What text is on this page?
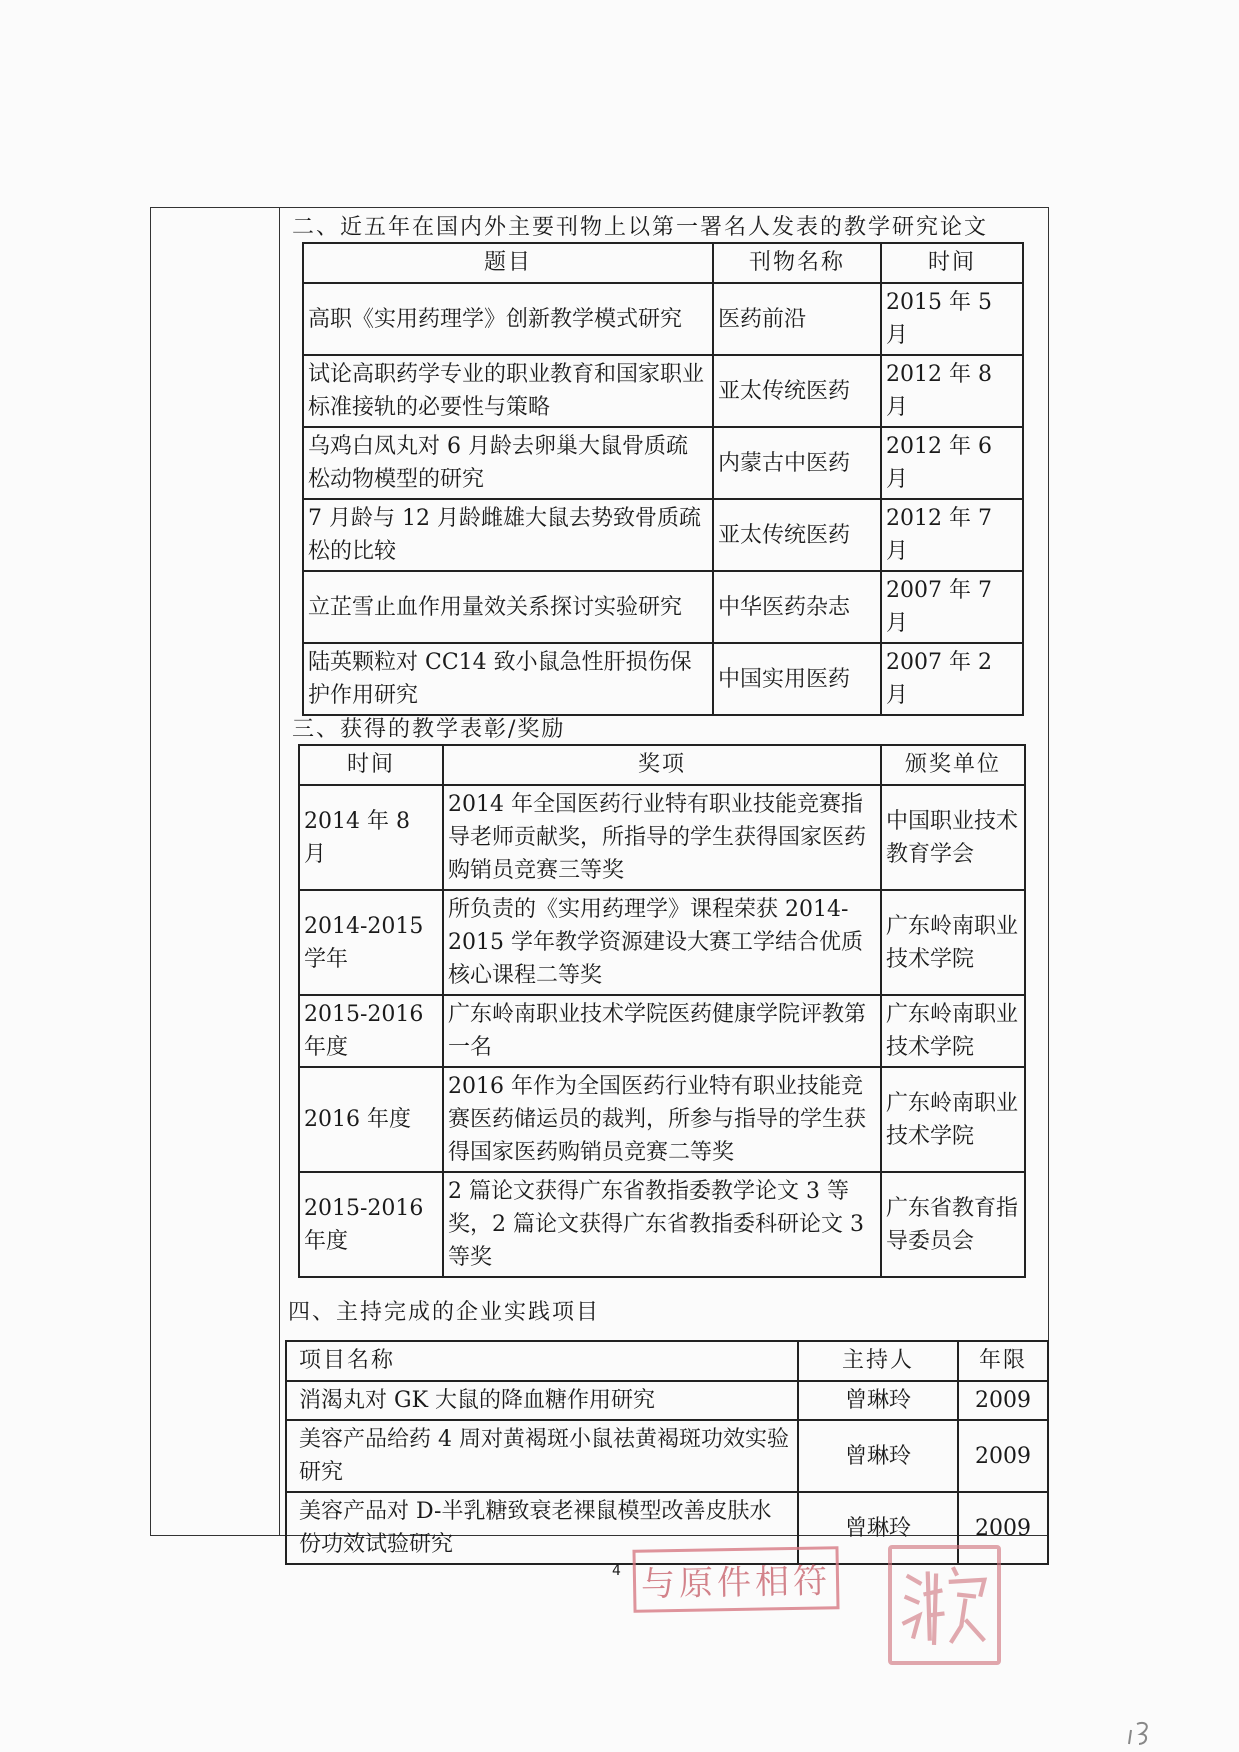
二、近五年在国内外主要刊物上以第一署名人发表的教学研究论文
题目	刊物名称	时间
高职《实用药理学》创新教学模式研究	医药前沿	2015 年 5 月
试论高职药学专业的职业教育和国家职业标准接轨的必要性与策略	亚太传统医药	2012 年 8 月
乌鸡白凤丸对 6 月龄去卵巢大鼠骨质疏松动物模型的研究	内蒙古中医药	2012 年 6 月
7 月龄与 12 月龄雌雄大鼠去势致骨质疏松的比较	亚太传统医药	2012 年 7 月
立芷雪止血作用量效关系探讨实验研究	中华医药杂志	2007 年 7 月
陆英颗粒对 CC14 致小鼠急性肝损伤保护作用研究	中国实用医药	2007 年 2 月
三、获得的教学表彰/奖励
时间	奖项	颁奖单位
2014 年 8 月	2014 年全国医药行业特有职业技能竞赛指导老师贡献奖，所指导的学生获得国家医药购销员竞赛三等奖	中国职业技术教育学会
2014-2015 学年	所负责的《实用药理学》课程荣获 2014-2015 学年教学资源建设大赛工学结合优质核心课程二等奖	广东岭南职业技术学院
2015-2016 年度	广东岭南职业技术学院医药健康学院评教第一名	广东岭南职业技术学院
2016 年度	2016 年作为全国医药行业特有职业技能竞赛医药储运员的裁判，所参与指导的学生获得国家医药购销员竞赛二等奖	广东岭南职业技术学院
2015-2016 年度	2 篇论文获得广东省教指委教学论文 3 等奖，2 篇论文获得广东省教指委科研论文 3 等奖	广东省教育指导委员会
四、主持完成的企业实践项目
项目名称	主持人	年限
消渴丸对 GK 大鼠的降血糖作用研究	曾琳玲	2009
美容产品给药 4 周对黄褐斑小鼠祛黄褐斑功效实验研究	曾琳玲	2009
美容产品对 D-半乳糖致衰老裸鼠模型改善皮肤水份功效试验研究	曾琳玲	2009
4 与原件相符
